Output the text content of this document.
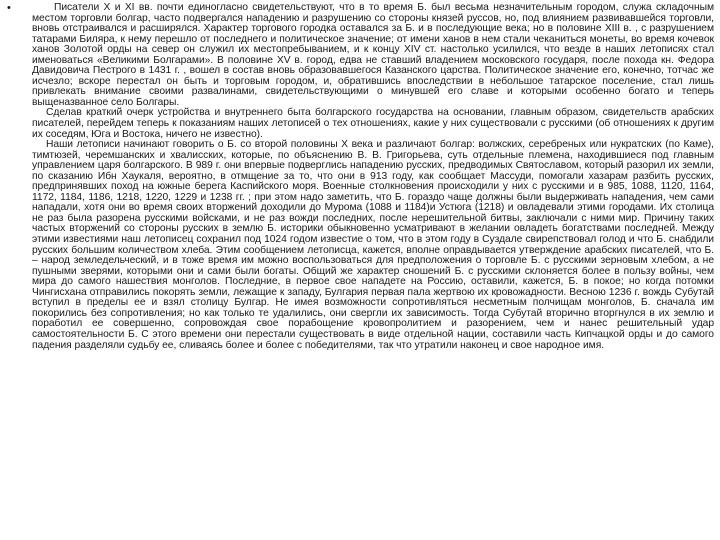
•	Писатели X и XI вв. почти единогласно свидетельствуют, что в то время Б. был весьма незначительным городом, служа складочным местом торговли болгар, часто подвергался нападению и разрушению со стороны князей руссов, но, под влиянием развивавшейся торговли, вновь отстраивался и расширялся. Характер торгового городка оставался за Б. и в последующие века; но в половине XIII в. , с разрушением татарами Биляра, к нему перешло от последнего и политическое значение; от имени ханов в нем стали чеканиться монеты, во время кочевок ханов Золотой орды на север он служил их местопребыванием, и к концу XIV ст. настолько усилился, что везде в наших летописях стал именоваться «Великими Болгарами». В половине XV в. город, едва не ставший владением московского государя, после похода кн. Федора Давидовича Пестрого в 1431 г. , вошел в состав вновь образовавшегося Казанского царства. Политическое значение его, конечно, тотчас же исчезло; вскоре перестал он быть и торговым городом, и, обратившись впоследствии в небольшое татарское поселение, стал лишь привлекать внимание своими развалинами, свидетельствующими о минувшей его славе и которыми особенно богато и теперь выщеназванное село Болгары.

Сделав краткий очерк устройства и внутреннего быта болгарского государства на основании, главным образом, свидетельств арабских писателей, перейдем теперь к показаниям наших летописей о тех отношениях, какие у них существовали с русскими (об отношениях к другим их соседям, Юга и Востока, ничего не известно).

Наши летописи начинают говорить о Б. со второй половины X века и различают болгар: волжских, серебреных или нукратских (по Каме), тимтюзей, черемшанских и хвалисских, которые, по объяснению В. В. Григорьева, суть отдельные племена, находившиеся под главным управлением царя болгарского. В 989 г. они впервые подверглись нападению русских, предводимых Святославом, который разорил их земли, по сказанию Ибн Хаукаля, вероятно, в отмщение за то, что они в 913 году, как сообщает Массуди, помогали хазарам разбить русских, предпринявших поход на южные берега Каспийского моря. Военные столкновения происходили у них с русскими и в 985, 1088, 1120, 1164, 1172, 1184, 1186, 1218, 1220, 1229 и 1238 гг. ; при этом надо заметить, что Б. гораздо чаще должны были выдерживать нападения, чем сами нападали, хотя они во время своих вторжений доходили до Мурома (1088 и 1184)и Устюга (1218) и овладевали этими городами. Их столица не раз была разорена русскими войсками, и не раз вожди последних, после нерешительной битвы, заключали с ними мир. Причину таких частых вторжений со стороны русских в землю Б. историки обыкновенно усматривают в желании овладеть богатствами последней. Между этими известиями наш летописец сохранил под 1024 годом известие о том, что в этом году в Суздале свирепствовал голод и что Б. снабдили русских большим количеством хлеба. Этим сообщением летописца, кажется, вполне оправдывается утверждение арабских писателей, что Б. – народ земледельческий, и в тоже время им можно воспользоваться для предположения о торговле Б. с русскими зерновым хлебом, а не пушными зверями, которыми они и сами были богаты. Общий же характер сношений Б. с русскими склоняется более в пользу войны, чем мира до самого нашествия монголов. Последние, в первое свое нападете на Россию, оставили, кажется, Б. в покое; но когда потомки Чингисхана отправились покорять земли, лежащие к западу, Булгария первая пала жертвою их кровожадности. Весною 1236 г. вождь Субутай вступил в пределы ее и взял столицу Булгар. Не имея возможности сопротивляться несметным полчищам монголов, Б. сначала им покорились без сопротивления; но как только те удалились, они свергли их зависимость. Тогда Субутай вторично вторгнулся в их землю и поработил ее совершенно, сопровождая свое порабощение кровопролитием и разорением, чем и нанес решительный удар самостоятельности Б. С этого времени они перестали существовать в виде отдельной нации, составили часть Кипчацкой орды и до самого падения разделяли судьбу ее, сливаясь более и более с победителями, так что утратили наконец и свое народное имя.
